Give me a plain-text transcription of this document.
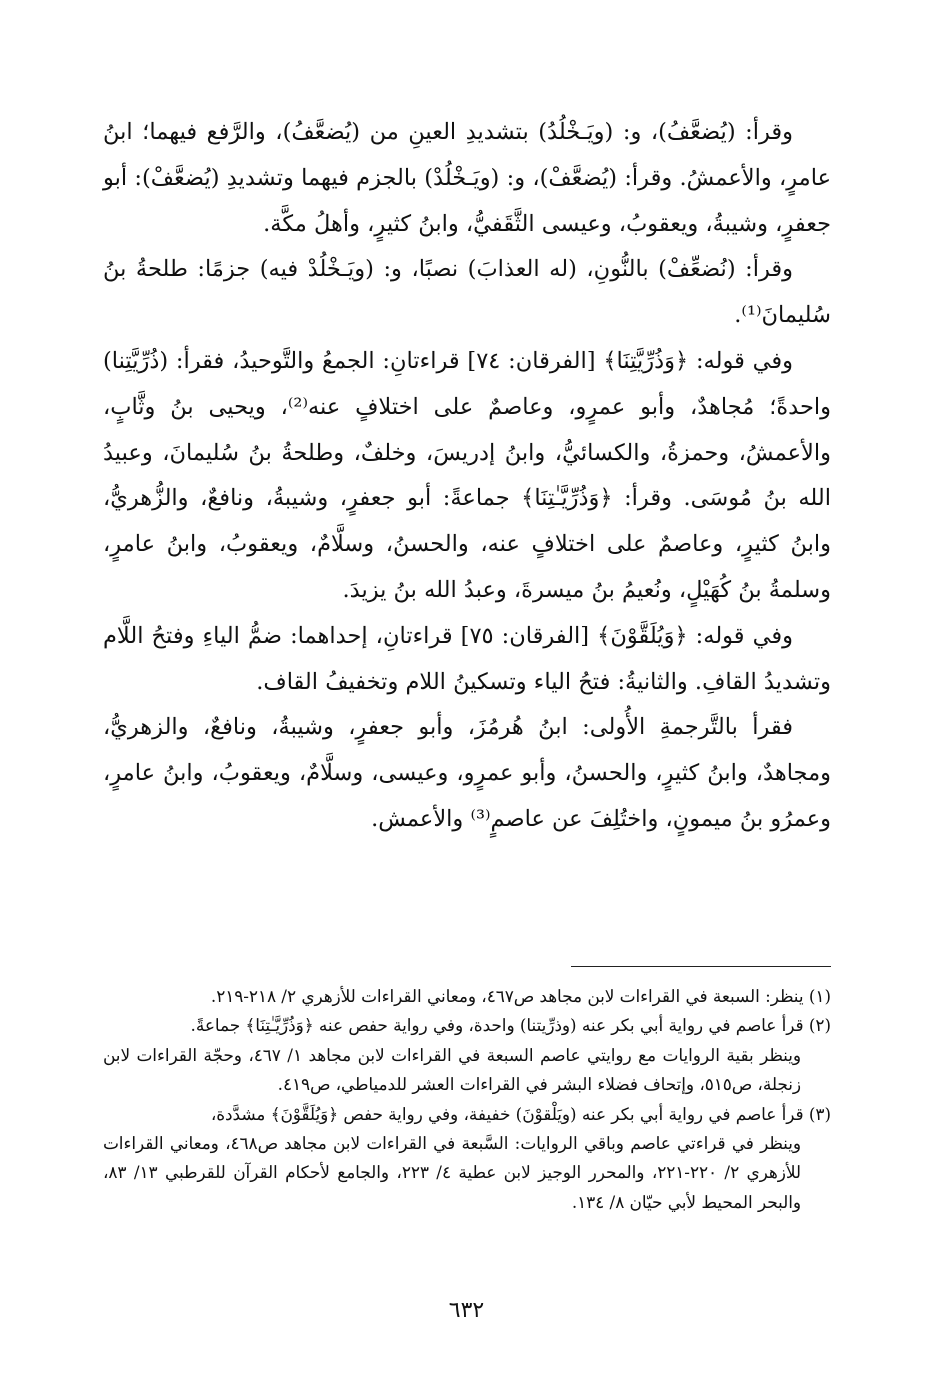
وقرأ: (يُضعَّفُ)، و: (ويَـخْلُدُ) بتشديدِ العينِ من (يُضعَّفُ)، والرَّفع فيهما؛ ابنُ عامرٍ، والأعمشُ. وقرأ: (يُضعَّفْ)، و: (ويَـخْلُدْ) بالجزم فيهما وتشديدِ (يُضعَّفْ): أبو جعفرٍ، وشيبةُ، ويعقوبُ، وعيسى الثَّقَفيُّ، وابنُ كثيرٍ، وأهلُ مكَّة.

وقرأ: (نُضعِّفْ) بالنُّونِ، (له العذابَ) نصبًا، و: (ويَـخْلُدْ فيه) جزمًا: طلحةُ بنُ سُليمانَ⁽¹⁾.

وفي قوله: ﴿وَذُرِّيَّتِنَا﴾ [الفرقان: ٧٤] قراءتانِ: الجمعُ والتَّوحيدُ، فقرأ: (ذُرِّيَّتِنا) واحدةً؛ مُجاهدٌ، وأبو عمرٍو، وعاصمٌ على اختلافٍ عنه⁽²⁾، ويحيى بنُ وثَّابٍ، والأعمشُ، وحمزةُ، والكسائيُّ، وابنُ إدريسَ، وخلفٌ، وطلحةُ بنُ سُليمانَ، وعبيدُ الله بنُ مُوسَى. وقرأ: ﴿وَذُرِّيَّـٰتِنَا﴾ جماعةً: أبو جعفرٍ، وشيبةُ، ونافعٌ، والزُّهريُّ، وابنُ كثيرٍ، وعاصمٌ على اختلافٍ عنه، والحسنُ، وسلَّامٌ، ويعقوبُ، وابنُ عامرٍ، وسلمةُ بنُ كُهَيْلٍ، ونُعيمُ بنُ ميسرةَ، وعبدُ الله بنُ يزيدَ.

وفي قوله: ﴿وَيُلَقَّوْنَ﴾ [الفرقان: ٧٥] قراءتانِ، إحداهما: ضمُّ الياءِ وفتحُ اللَّام وتشديدُ القافِ. والثانيةُ: فتحُ الياء وتسكينُ اللام وتخفيفُ القاف.

فقرأ بالتَّرجمةِ الأُولى: ابنُ هُرمُزَ، وأبو جعفرٍ، وشيبةُ، ونافعٌ، والزهريُّ، ومجاهدٌ، وابنُ كثيرٍ، والحسنُ، وأبو عمرٍو، وعيسى، وسلَّامٌ، ويعقوبُ، وابنُ عامرٍ، وعمرُو بنُ ميمونٍ، واختُلِفَ عن عاصمٍ⁽³⁾ والأعمش.

(١) ينظر: السبعة في القراءات لابن مجاهد ص٤٦٧، ومعاني القراءات للأزهري ٢/ ٢١٨-٢١٩.

(٢) قرأ عاصم في رواية أبي بكر عنه (وذرِّيتنا) واحدة، وفي رواية حفص عنه ﴿وَذُرِّيَّـٰتِنَا﴾ جماعةً.

وينظر بقية الروايات مع روايتي عاصم السبعة في القراءات لابن مجاهد ١/ ٤٦٧، وحجّة القراءات لابن زنجلة، ص٥١٥، وإتحاف فضلاء البشر في القراءات العشر للدمياطي، ص٤١٩.

(٣) قرأ عاصم في رواية أبي بكر عنه (ويَلْقوْنَ) خفيفة، وفي رواية حفص ﴿وَيُلَقَّوْنَ﴾ مشدَّدة،

وينظر في قراءتي عاصم وباقي الروايات: السَّبعة في القراءات لابن مجاهد ص٤٦٨، ومعاني القراءات للأزهري ٢/ ٢٢٠-٢٢١، والمحرر الوجيز لابن عطية ٤/ ٢٢٣، والجامع لأحكام القرآن للقرطبي ١٣/ ٨٣، والبحر المحيط لأبي حيّان ٨/ ١٣٤.

٦٣٢
